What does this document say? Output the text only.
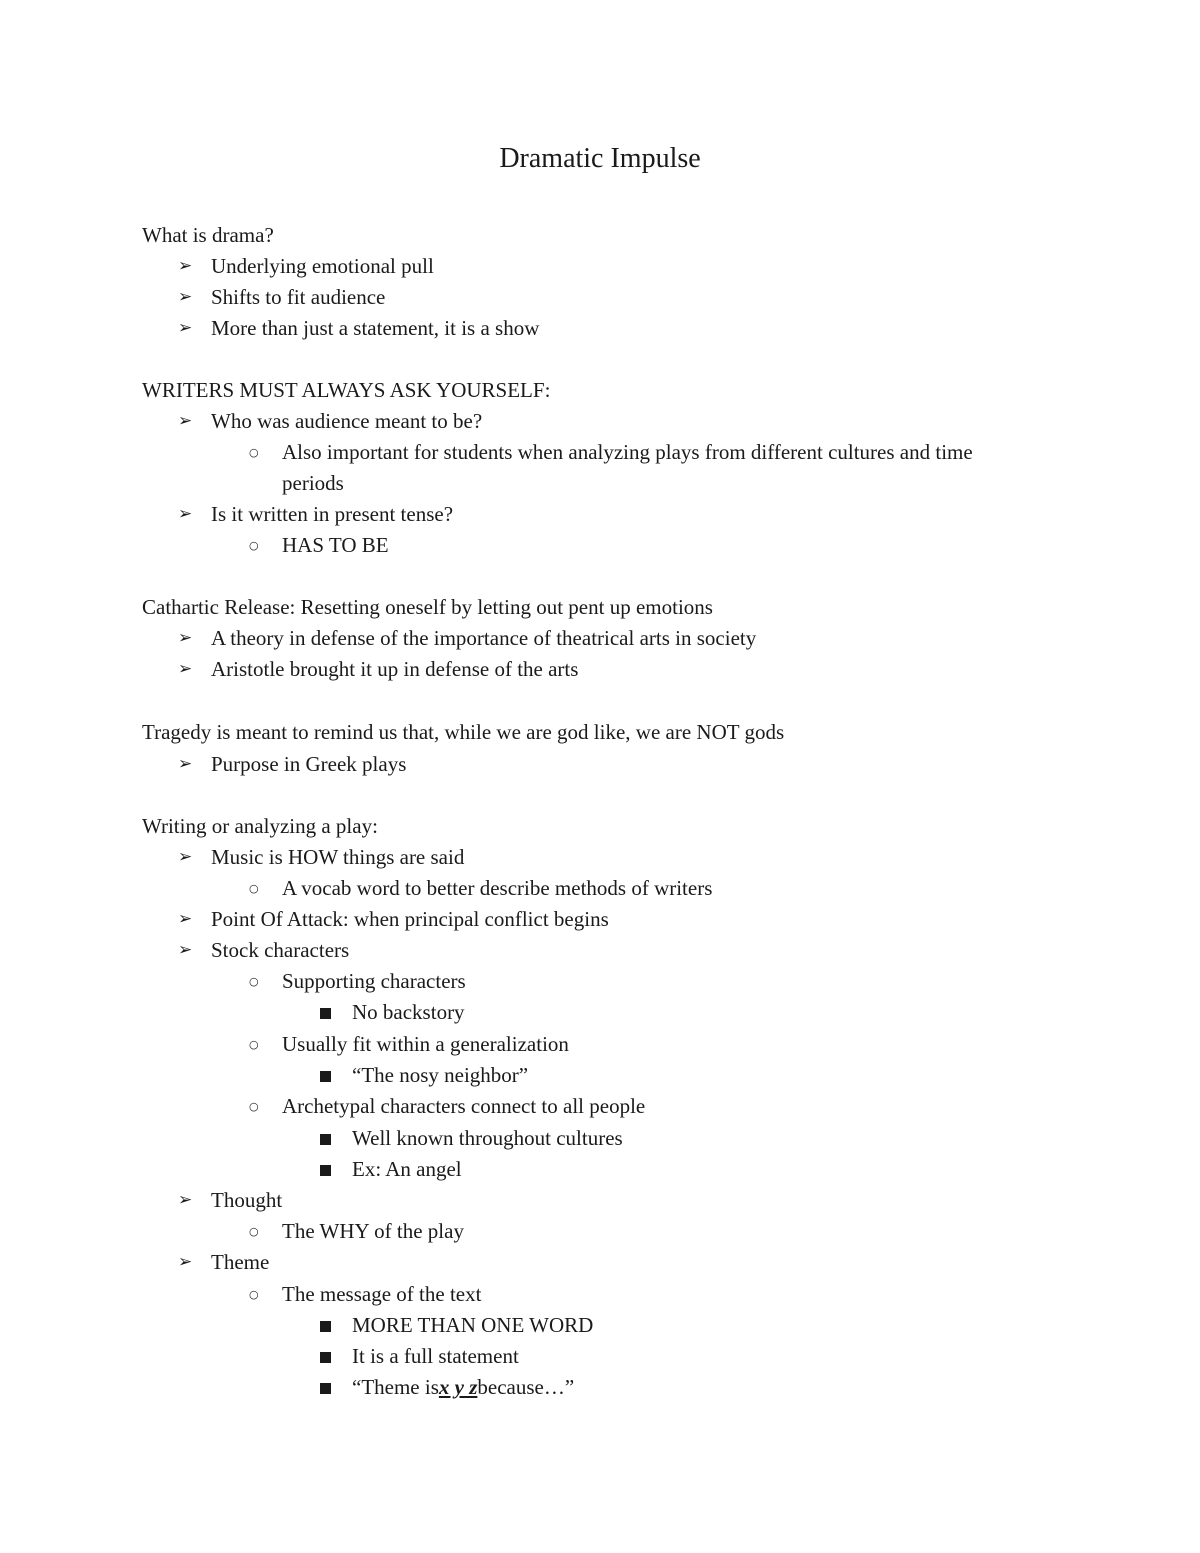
Dramatic Impulse
What is drama?
➢ Underlying emotional pull
➢ Shifts to fit audience
➢ More than just a statement, it is a show
WRITERS MUST ALWAYS ASK YOURSELF:
➢ Who was audience meant to be?
○ Also important for students when analyzing plays from different cultures and time
periods
➢ Is it written in present tense?
○ HAS TO BE
Cathartic Release: Resetting oneself by letting out pent up emotions
➢ A theory in defense of the importance of theatrical arts in society
➢ Aristotle brought it up in defense of the arts
Tragedy is meant to remind us that, while we are god like, we are NOT gods
➢ Purpose in Greek plays
Writing or analyzing a play:
➢ Music is HOW things are said
○ A vocab word to better describe methods of writers
➢ Point Of Attack: when principal conflict begins
➢ Stock characters
○ Supporting characters
No backstory
○ Usually fit within a generalization
“The nosy neighbor”
○ Archetypal characters connect to all people
Well known throughout cultures
Ex: An angel
➢ Thought
○ The WHY of the play
➢ Theme
○ The message of the text
MORE THAN ONE WORD
It is a full statement
“Theme isx y zbecause…”
